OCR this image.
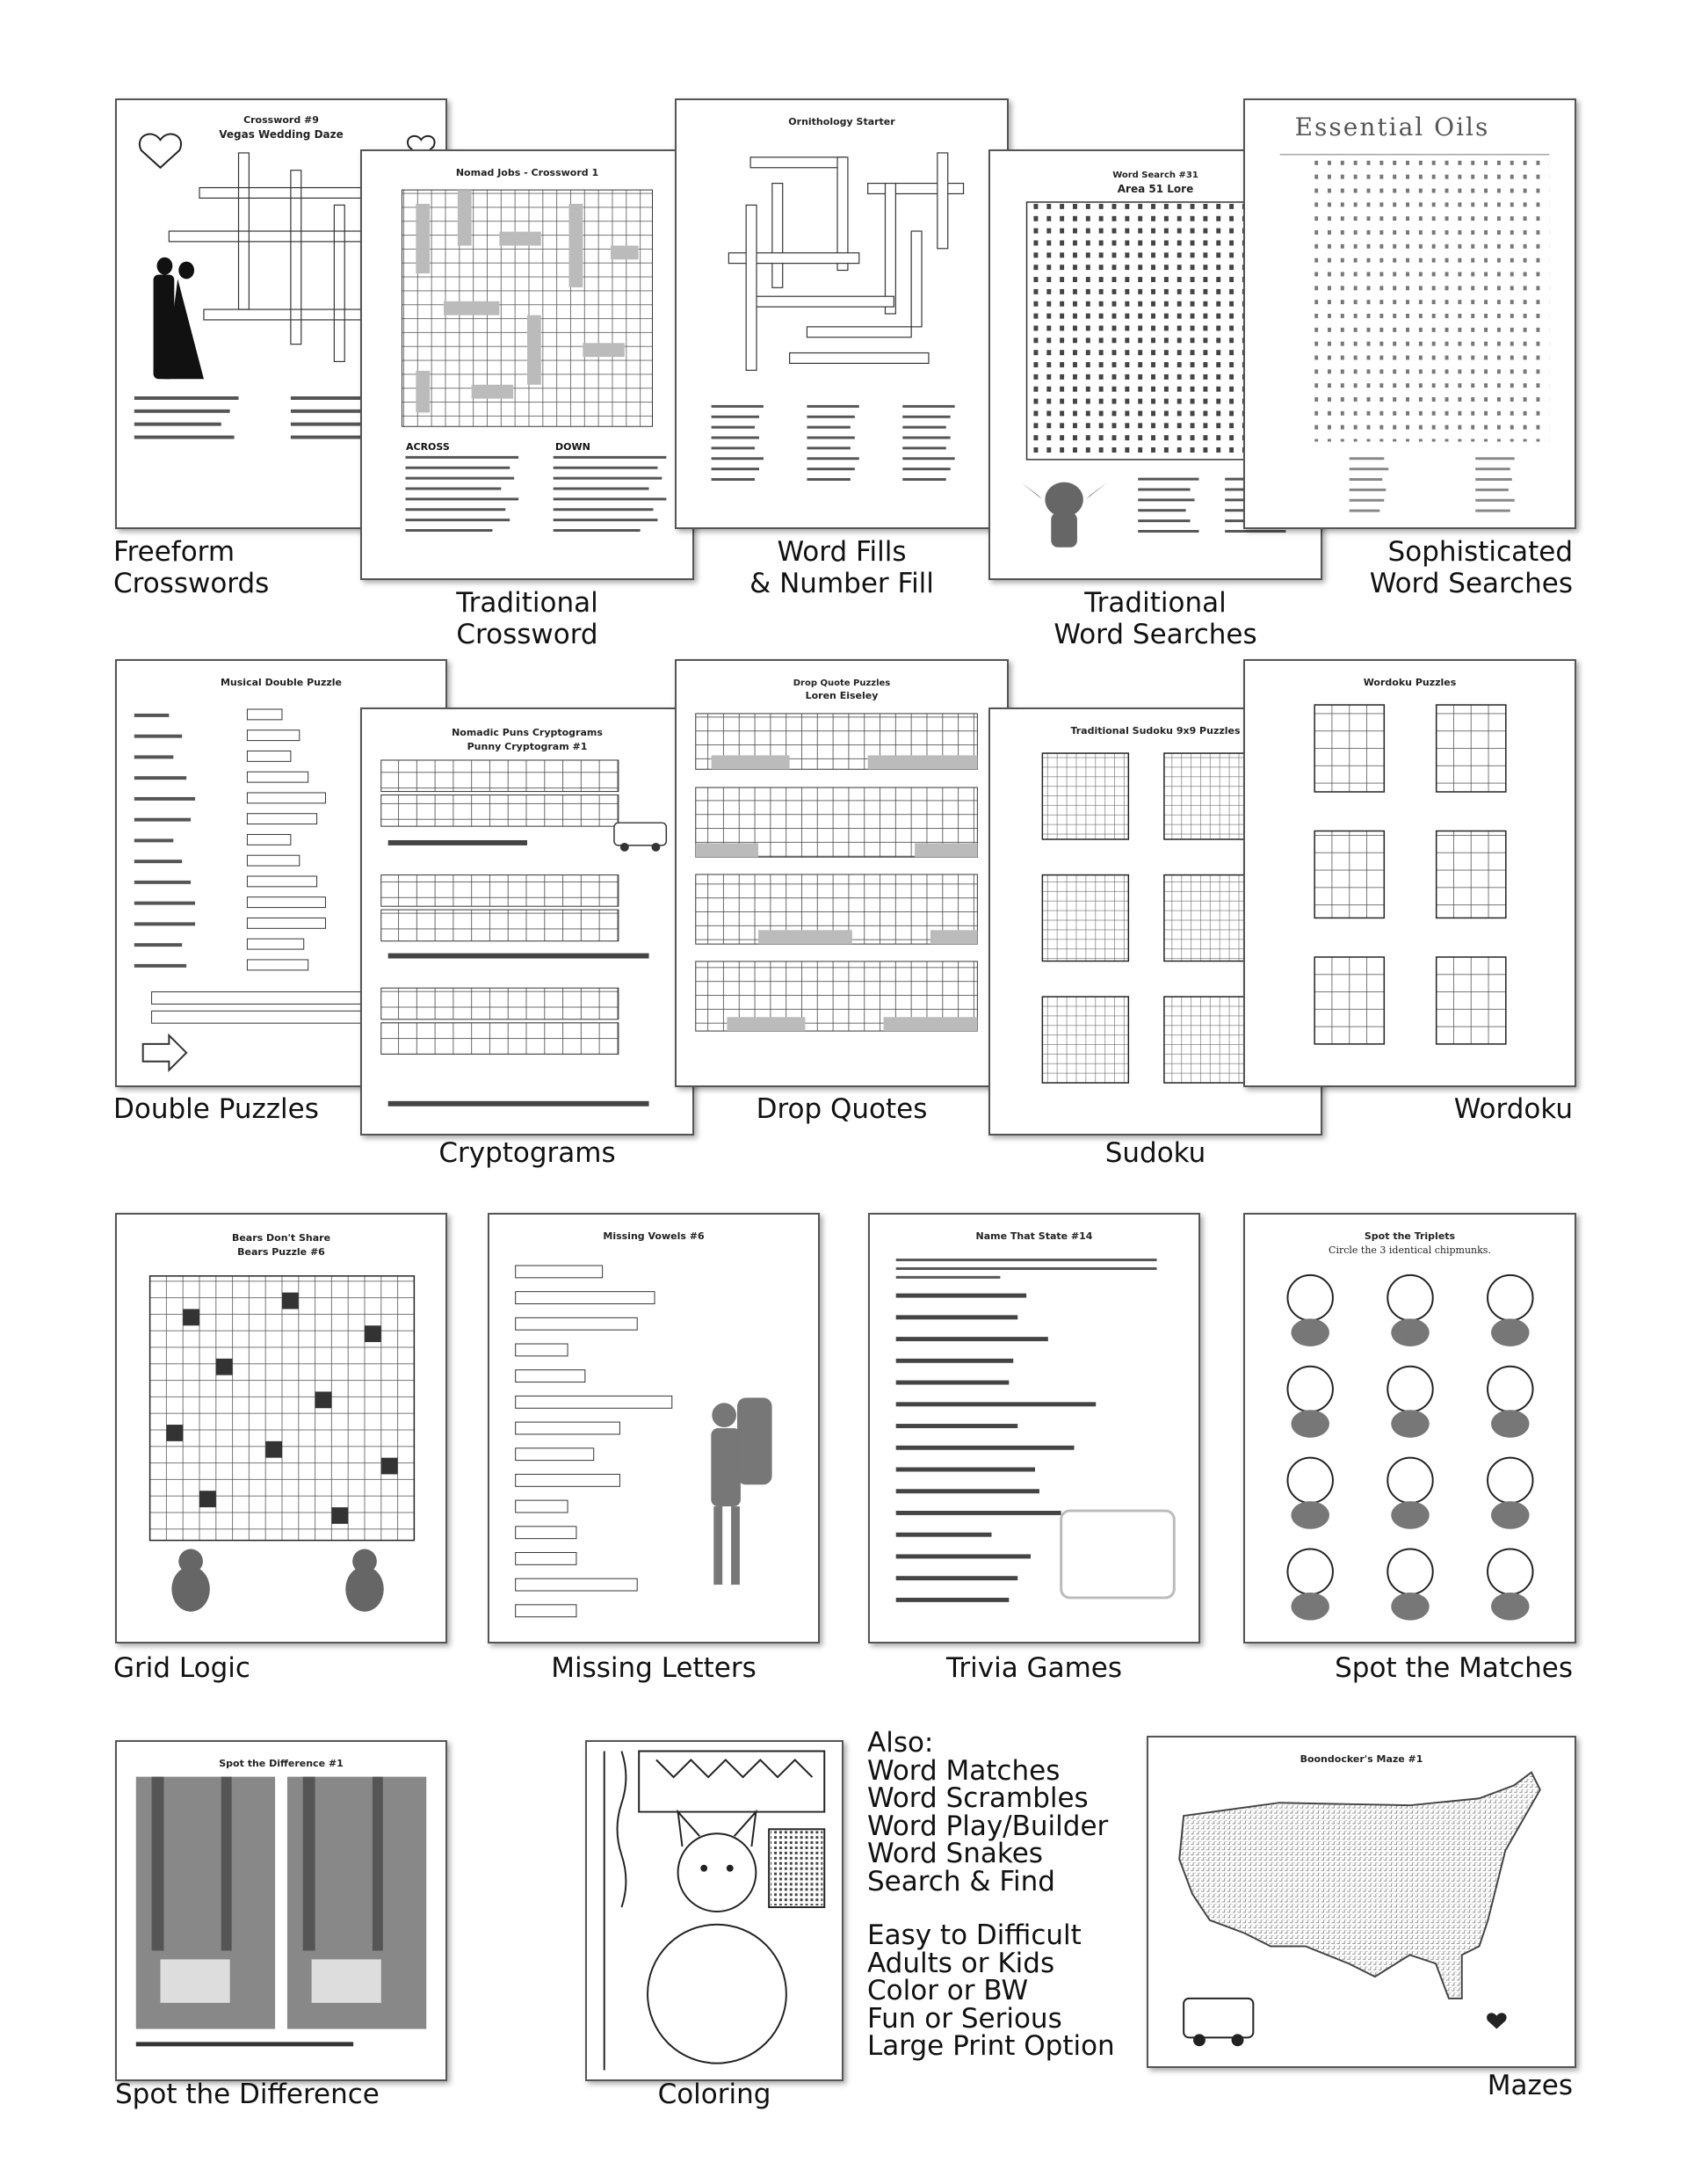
Crossword #9
Vegas Wedding Daze
Nomad Jobs - Crossword 1
ACROSS	DOWN
Ornithology Starter
Word Search #31
Area 51 Lore
Essential Oils
Freeform
Crosswords
Traditional
Crossword
Word Fills
& Number Fill
Traditional
Word Searches
Sophisticated
Word Searches
Musical Double Puzzle
Nomadic Puns Cryptograms
Punny Cryptogram #1
Drop Quote Puzzles
Loren Eiseley
Traditional Sudoku 9x9 Puzzles
Wordoku Puzzles
Double Puzzles
Cryptograms
Drop Quotes
Sudoku
Wordoku
Bears Don't Share
Bears Puzzle #6
Missing Vowels #6	Name That State #14	Spot the Triplets
Circle the 3 identical chipmunks.
Grid Logic	Missing Letters	Trivia Games	Spot the Matches
Spot the Difference #1
Also:
Word Matches
Word Scrambles
Word Play/Builder
Word Snakes
Search & Find
Easy to Difficult
Adults or Kids
Color or BW
Fun or Serious
Large Print Option
Boondocker's Maze #1
Spot the Difference	Coloring	Mazes
